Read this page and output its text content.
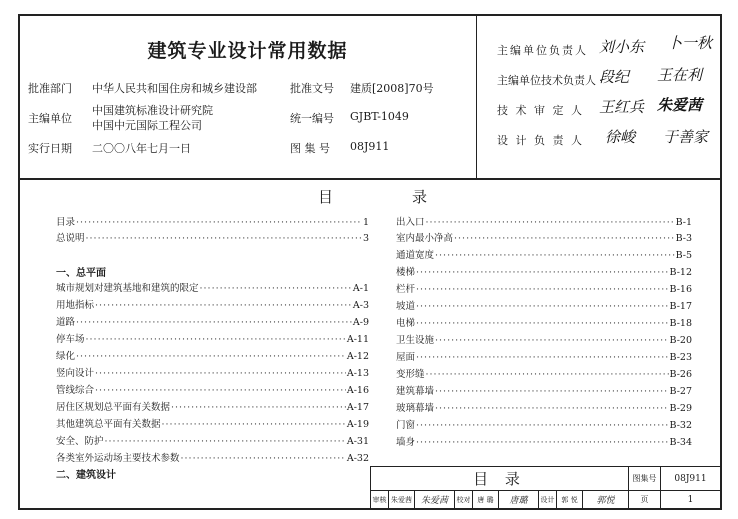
建筑专业设计常用数据
批准部门 中华人民共和国住房和城乡建设部	批准文号 建质[2008]70号
主编单位
中国建筑标准设计研究院
中国中元国际工程公司
统一编号 GJBT-1049
实行日期 二〇〇八年七月一日	图 集 号 08J911
主编单位负责人 刘小东 卜一秋
主编单位技术负责人 段纪 王在利
技 术 审 定 人 王红兵 朱爱茜
设 计 负 责 人 徐峻 于善家
目	录
目录 ·····	1
总说明 ·····	3
一、总平面
城市规划对建筑基地和建筑的限定 ·····	A-1
用地指标 ·····	A-3
道路 ·····	A-9
停车场 ·····	A-11
绿化 ·····	A-12
竖向设计 ·····	A-13
管线综合 ·····	A-16
居住区规划总平面有关数据 ·····	A-17
其他建筑总平面有关数据 ·····	A-19
安全、防护 ·····	A-31
各类室外运动场主要技术参数 ·····	A-32
二、建筑设计
出入口 ·····	B-1
室内最小净高 ·····	B-3
通道宽度 ·····	B-5
楼梯 ·····	B-12
栏杆 ·····	B-16
坡道 ·····	B-17
电梯 ·····	B-18
卫生设施 ·····	B-20
屋面 ·····	B-23
变形缝 ·····	B-26
建筑幕墙 ·····	B-27
玻璃幕墙 ·····	B-29
门窗 ·····	B-32
墙身 ·····	B-34
目 录	图集号	08J911
审核 朱爱茜 朱爱茜	校对 唐 璐	唐璐	设计 郭 悦	郭悦	页	1
